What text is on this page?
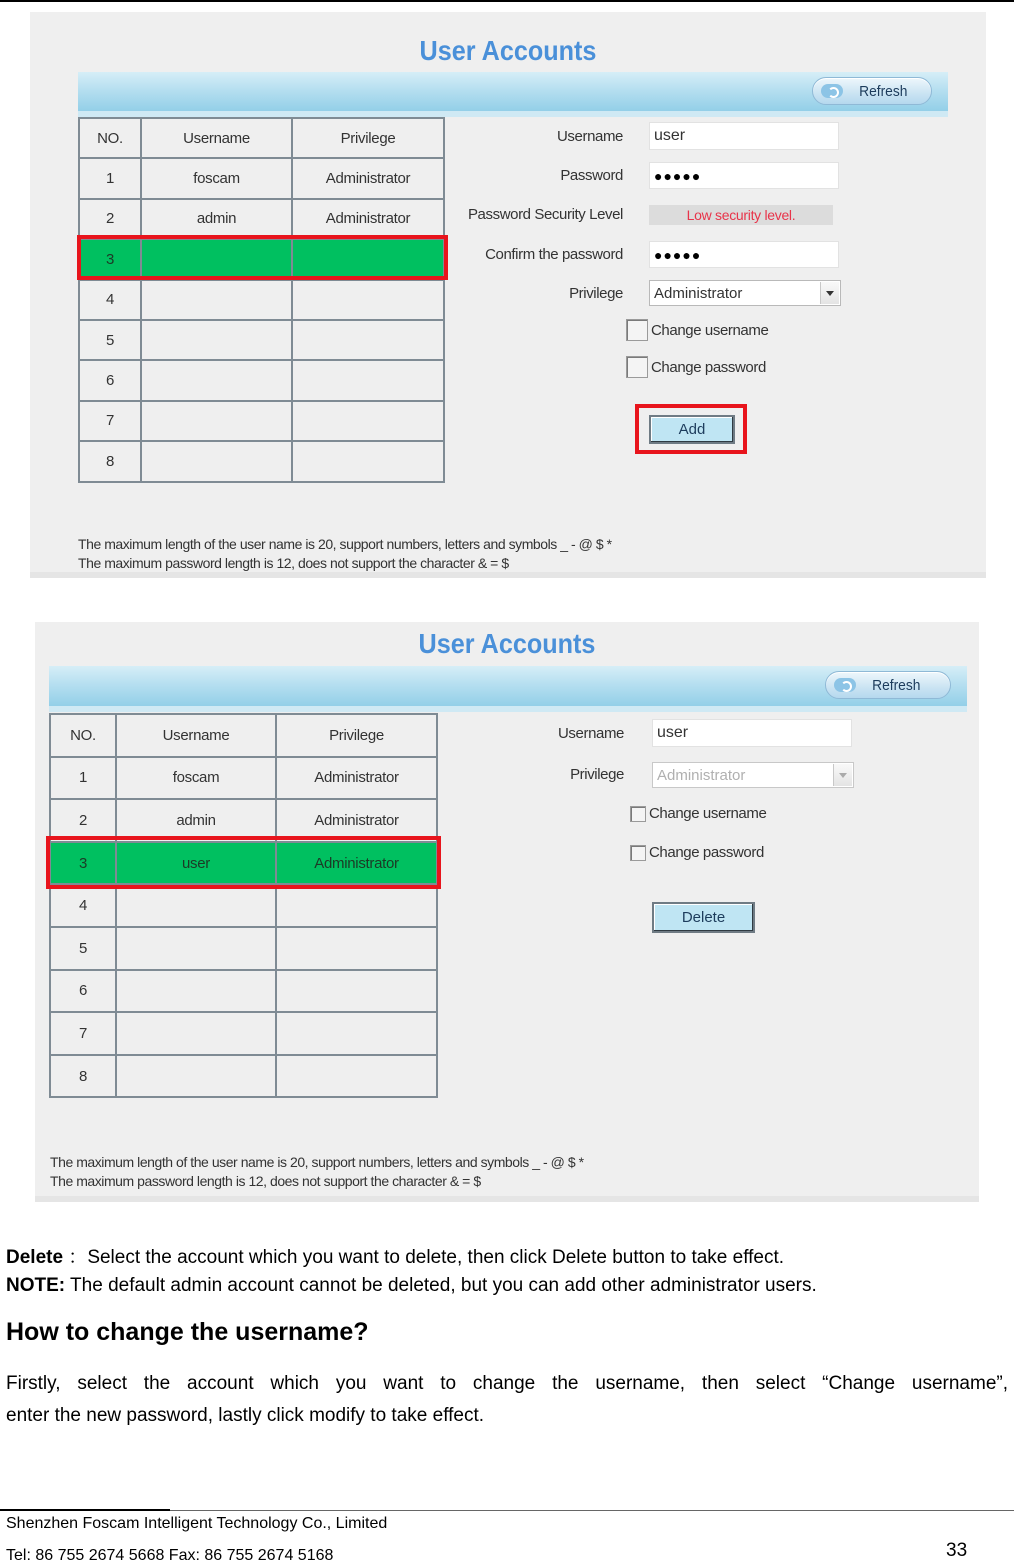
User Accounts
Refresh
NO.	Username	Privilege
1	foscam	Administrator
2	admin	Administrator
3		
4		
5		
6		
7		
8		
Username	user
Password	●●●●●
Password Security Level	Low security level.
Confirm the password	●●●●●
Privilege Administrator
Change username
Change password
Add
The maximum length of the user name is 20, support numbers, letters and symbols _ - @ $ *
The maximum password length is 12, does not support the character & = $
User Accounts
Refresh
NO.	Username	Privilege
1	foscam	Administrator
2	admin	Administrator
3	user	Administrator
4		
5		
6		
7		
8		
Username	user
Privilege Administrator
Change username
Change password
Delete
The maximum length of the user name is 20, support numbers, letters and symbols _ - @ $ *
The maximum password length is 12, does not support the character & = $
Delete ：Select the account which you want to delete, then click Delete button to take effect.
NOTE: The default admin account cannot be deleted, but you can add other administrator users.
How to change the username?
Firstly, select the account which you want to change the username, then select “Change username”,
enter the new password, lastly click modify to take effect.
Shenzhen Foscam Intelligent Technology Co., Limited
Tel: 86 755 2674 5668 Fax: 86 755 2674 5168	33
